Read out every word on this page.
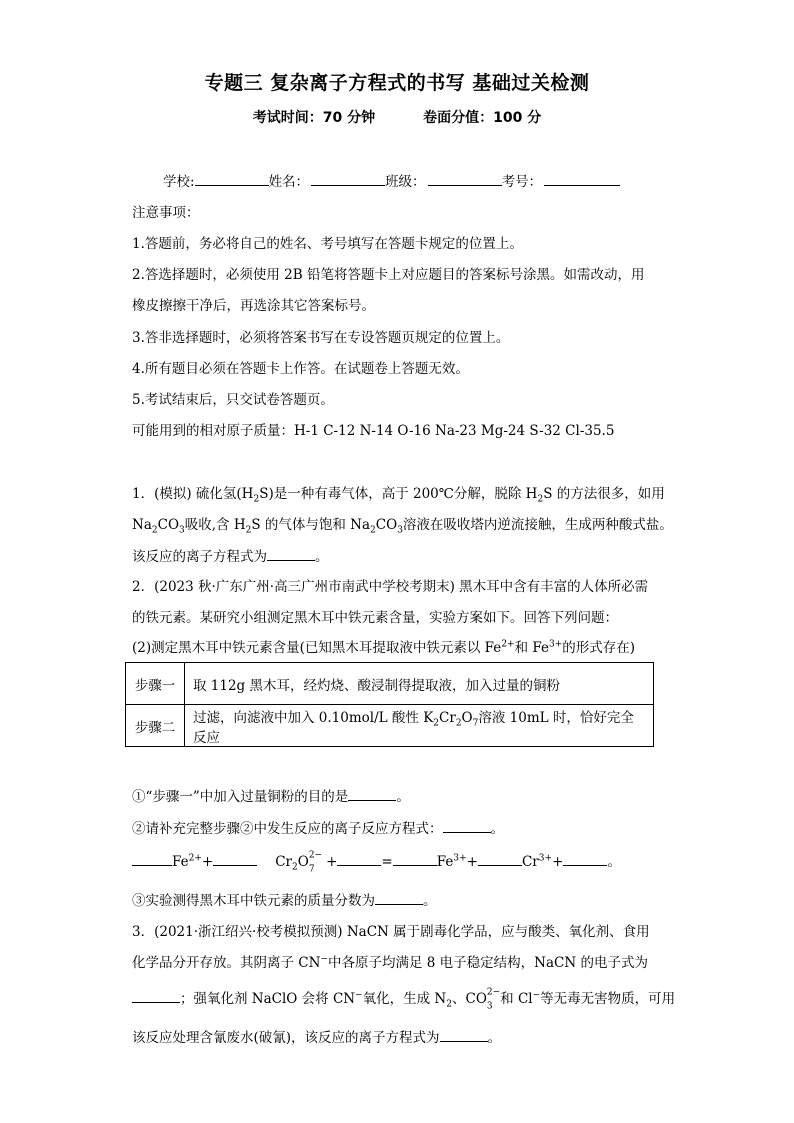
专题三 复杂离子方程式的书写 基础过关检测
考试时间：70 分钟	卷面分值：100 分
学校:	姓名：	班级：	考号：
注意事项：
1.答题前，务必将自己的姓名、考号填写在答题卡规定的位置上。
2.答选择题时，必须使用 2B 铅笔将答题卡上对应题目的答案标号涂黑。如需改动，用
橡皮擦擦干净后，再选涂其它答案标号。
3.答非选择题时，必须将答案书写在专设答题页规定的位置上。
4.所有题目必须在答题卡上作答。在试题卷上答题无效。
5.考试结束后，只交试卷答题页。
可能用到的相对原子质量：H-1 C-12 N-14 O-16 Na-23 Mg-24 S-32 Cl-35.5
1．(模拟) 硫化氢$(H_2S)$是一种有毒气体，高于 200℃分解，脱除 $H_2S$ 的方法很多，如用
$Na_2CO_3$吸收,含 $H_2S$ 的气体与饱和 $Na_2CO_3$溶液在吸收塔内逆流接触，生成两种酸式盐。
该反应的离子方程式为	。
2．(2023 秋·广东广州·高三广州市南武中学校考期末) 黑木耳中含有丰富的人体所必需
的铁元素。某研究小组测定黑木耳中铁元素含量，实验方案如下。回答下列问题：
(2)测定黑木耳中铁元素含量(已知黑木耳提取液中铁元素以 $Fe^{2+}$和 $Fe^{3+}$的形式存在)
步骤一	取 112g 黑木耳，经灼烧、酸浸制得提取液，加入过量的铜粉
步骤二	过滤，向滤液中加入 0.10mol/L 酸性 $K_2Cr_2O_7$溶液 10mL 时，恰好完全反应
①“步骤一”中加入过量铜粉的目的是	。
②请补充完整步骤②中发生反应的离子反应方程式：	。
$Fe^{2+}+$	$Cr_2O^{2-}$
$_7$ +	=	$Fe^{3+}+$	$Cr^{3+}+$	。
③实验测得黑木耳中铁元素的质量分数为	。
3．(2021·浙江绍兴·校考模拟预测) NaCN 属于剧毒化学品，应与酸类、氧化剂、食用
化学品分开存放。其阴离子 CN−中各原子均满足 8 电子稳定结构，NaCN 的电子式为
；强氧化剂 NaClO 会将 CN−氧化，生成 $N_2$、$CO^{2-}$
$_3$ 和 Cl−等无毒无害物质，可用
该反应处理含氰废水(破氰)，该反应的离子方程式为	。
